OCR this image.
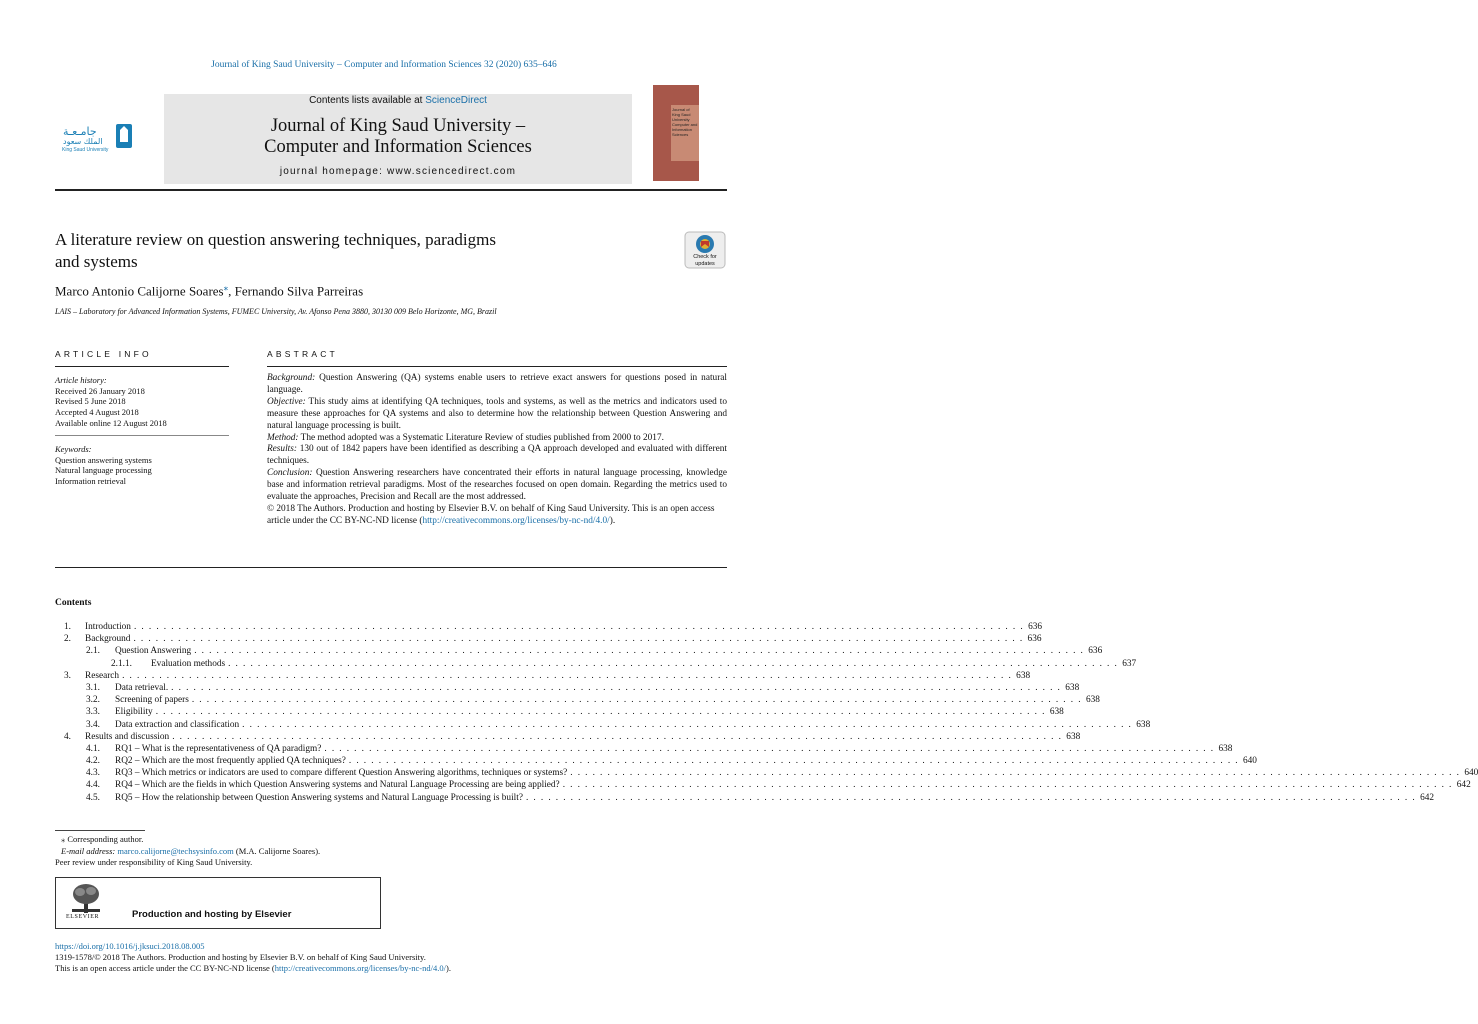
Journal of King Saud University – Computer and Information Sciences 32 (2020) 635–646
ﺟﺎﻣـﻌـﺔ
ﺍﻟﻤﻠﻚ ﺳﻌﻮﺩ
King Saud University
Contents lists available at ScienceDirect
Journal of King Saud University –
Computer and Information Sciences
journal homepage: www.sciencedirect.com
Journal of King Saud University Computer and Information Sciences
A literature review on question answering techniques, paradigms
and systems	Check for
updates
Marco Antonio Calijorne Soares⁎, Fernando Silva Parreiras
LAIS – Laboratory for Advanced Information Systems, FUMEC University, Av. Afonso Pena 3880, 30130 009 Belo Horizonte, MG, Brazil
ARTICLE INFO
Article history:
Received 26 January 2018
Revised 5 June 2018
Accepted 4 August 2018
Available online 12 August 2018
Keywords:
Question answering systems
Natural language processing
Information retrieval
ABSTRACT

Background: Question Answering (QA) systems enable users to retrieve exact answers for questions posed in natural language.

Objective: This study aims at identifying QA techniques, tools and systems, as well as the metrics and indicators used to measure these approaches for QA systems and also to determine how the relationship between Question Answering and natural language processing is built.

Method: The method adopted was a Systematic Literature Review of studies published from 2000 to 2017.

Results: 130 out of 1842 papers have been identified as describing a QA approach developed and evaluated with different techniques.

Conclusion: Question Answering researchers have concentrated their efforts in natural language processing, knowledge base and information retrieval paradigms. Most of the researches focused on open domain. Regarding the metrics used to evaluate the approaches, Precision and Recall are the most addressed.

© 2018 The Authors. Production and hosting by Elsevier B.V. on behalf of King Saud University. This is an open access article under the CC BY-NC-ND license (http://creativecommons.org/licenses/by-nc-nd/4.0/).

Contents
1. Introduction . . . . . . . . . . . . . . . . . . . . . . . . . . . . . . . . . . . . . . . . . . . . . . . . . . . . . . . . . . . . . . . . . . . . . . . . . . . . . . . . . . . . . . . . . . . . . . . . . . . . . . . . . . . . . . . . . . . . . . . . 636
2. Background . . . . . . . . . . . . . . . . . . . . . . . . . . . . . . . . . . . . . . . . . . . . . . . . . . . . . . . . . . . . . . . . . . . . . . . . . . . . . . . . . . . . . . . . . . . . . . . . . . . . . . . . . . . . . . . . . . . . . . . . 636
2.1. Question Answering . . . . . . . . . . . . . . . . . . . . . . . . . . . . . . . . . . . . . . . . . . . . . . . . . . . . . . . . . . . . . . . . . . . . . . . . . . . . . . . . . . . . . . . . . . . . . . . . . . . . . . . . . . . . . . . . . . . . . . . . 636
2.1.1. Evaluation methods . . . . . . . . . . . . . . . . . . . . . . . . . . . . . . . . . . . . . . . . . . . . . . . . . . . . . . . . . . . . . . . . . . . . . . . . . . . . . . . . . . . . . . . . . . . . . . . . . . . . . . . . . . . . . . . . . . . . . . . . 637
3. Research . . . . . . . . . . . . . . . . . . . . . . . . . . . . . . . . . . . . . . . . . . . . . . . . . . . . . . . . . . . . . . . . . . . . . . . . . . . . . . . . . . . . . . . . . . . . . . . . . . . . . . . . . . . . . . . . . . . . . . . . 638
3.1. Data retrieval. . . . . . . . . . . . . . . . . . . . . . . . . . . . . . . . . . . . . . . . . . . . . . . . . . . . . . . . . . . . . . . . . . . . . . . . . . . . . . . . . . . . . . . . . . . . . . . . . . . . . . . . . . . . . . . . . . . . . . . . . 638
3.2. Screening of papers . . . . . . . . . . . . . . . . . . . . . . . . . . . . . . . . . . . . . . . . . . . . . . . . . . . . . . . . . . . . . . . . . . . . . . . . . . . . . . . . . . . . . . . . . . . . . . . . . . . . . . . . . . . . . . . . . . . . . . . . 638
3.3. Eligibility . . . . . . . . . . . . . . . . . . . . . . . . . . . . . . . . . . . . . . . . . . . . . . . . . . . . . . . . . . . . . . . . . . . . . . . . . . . . . . . . . . . . . . . . . . . . . . . . . . . . . . . . . . . . . . . . . . . . . . . . 638
3.4. Data extraction and classification . . . . . . . . . . . . . . . . . . . . . . . . . . . . . . . . . . . . . . . . . . . . . . . . . . . . . . . . . . . . . . . . . . . . . . . . . . . . . . . . . . . . . . . . . . . . . . . . . . . . . . . . . . . . . . . . . . . . . . . . 638
4. Results and discussion . . . . . . . . . . . . . . . . . . . . . . . . . . . . . . . . . . . . . . . . . . . . . . . . . . . . . . . . . . . . . . . . . . . . . . . . . . . . . . . . . . . . . . . . . . . . . . . . . . . . . . . . . . . . . . . . . . . . . . . . 638
4.1. RQ1 – What is the representativeness of QA paradigm? . . . . . . . . . . . . . . . . . . . . . . . . . . . . . . . . . . . . . . . . . . . . . . . . . . . . . . . . . . . . . . . . . . . . . . . . . . . . . . . . . . . . . . . . . . . . . . . . . . . . . . . . . . . . . . . . . . . . . . . . 638
4.2. RQ2 – Which are the most frequently applied QA techniques? . . . . . . . . . . . . . . . . . . . . . . . . . . . . . . . . . . . . . . . . . . . . . . . . . . . . . . . . . . . . . . . . . . . . . . . . . . . . . . . . . . . . . . . . . . . . . . . . . . . . . . . . . . . . . . . . . . . . . . . . 640
4.3. RQ3 – Which metrics or indicators are used to compare different Question Answering algorithms, techniques or systems? . . . . . . . . . . . . . . . . . . . . . . . . . . . . . . . . . . . . . . . . . . . . . . . . . . . . . . . . . . . . . . . . . . . . . . . . . . . . . . . . . . . . . . . . . . . . . . . . . . . . . . . . . . . . . . . . . . . . . . . . 640
4.4. RQ4 – Which are the fields in which Question Answering systems and Natural Language Processing are being applied? . . . . . . . . . . . . . . . . . . . . . . . . . . . . . . . . . . . . . . . . . . . . . . . . . . . . . . . . . . . . . . . . . . . . . . . . . . . . . . . . . . . . . . . . . . . . . . . . . . . . . . . . . . . . . . . . . . . . . . . . 642
4.5. RQ5 – How the relationship between Question Answering systems and Natural Language Processing is built? . . . . . . . . . . . . . . . . . . . . . . . . . . . . . . . . . . . . . . . . . . . . . . . . . . . . . . . . . . . . . . . . . . . . . . . . . . . . . . . . . . . . . . . . . . . . . . . . . . . . . . . . . . . . . . . . . . . . . . . . 642
⁎ Corresponding author.
E-mail address: marco.calijorne@techsysinfo.com (M.A. Calijorne Soares).
Peer review under responsibility of King Saud University.
ELSEVIER	Production and hosting by Elsevier
https://doi.org/10.1016/j.jksuci.2018.08.005
1319-1578/© 2018 The Authors. Production and hosting by Elsevier B.V. on behalf of King Saud University.
This is an open access article under the CC BY-NC-ND license (http://creativecommons.org/licenses/by-nc-nd/4.0/).
